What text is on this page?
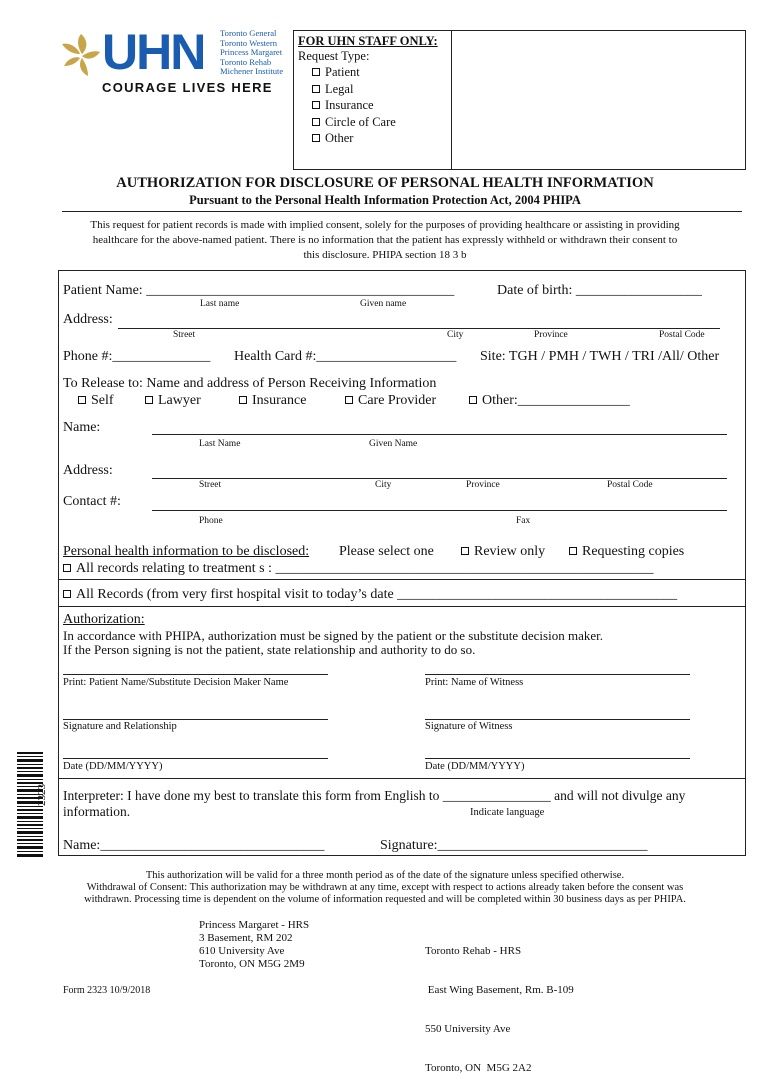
UHN Toronto General
Toronto Western
Princess Margaret
Toronto Rehab
Michener Institute
COURAGE LIVES HERE
FOR UHN STAFF ONLY:
Request Type:
Patient
Legal
Insurance
Circle of Care
Other
AUTHORIZATION FOR DISCLOSURE OF PERSONAL HEALTH INFORMATION
Pursuant to the Personal Health Information Protection Act, 2004 PHIPA
This request for patient records is made with implied consent, solely for the purposes of providing healthcare or assisting in providing
healthcare for the above-named patient. There is no information that the patient has expressly withheld or withdrawn their consent to
this disclosure. PHIPA section 18 3 b
Patient Name: ____________________________________________	Date of birth: __________________
Last name	Given name
Address:
Street	City	Province	Postal Code
Phone #:______________ Health Card #:____________________ Site: TGH / PMH / TWH / TRI /All/ Other
To Release to: Name and address of Person Receiving Information
Self	Lawyer	Insurance	Care Provider	Other:________________
Name:
Last Name	Given Name
Address:
Street	City	Province	Postal Code
Contact #:
Phone	Fax
Personal health information to be disclosed: Please select one	Review only	Requesting copies
All records relating to treatment s : ______________________________________________________
All Records (from very first hospital visit to today’s date ________________________________________
Authorization:
In accordance with PHIPA, authorization must be signed by the patient or the substitute decision maker.
If the Person signing is not the patient, state relationship and authority to do so.
Print: Patient Name/Substitute Decision Maker Name	Print: Name of Witness
Signature and Relationship	Signature of Witness
Date (DD/MM/YYYY)	Date (DD/MM/YYYY)
Interpreter: I have done my best to translate this form from English to ________________ and will not divulge any
information.	Indicate language
Name:________________________________	Signature:______________________________
2323
This authorization will be valid for a three month period as of the date of the signature unless specified otherwise.
Withdrawal of Consent: This authorization may be withdrawn at any time, except with respect to actions already taken before the consent was
withdrawn. Processing time is dependent on the volume of information requested and will be completed within 30 business days as per PHIPA.
Princess Margaret - HRS
3 Basement, RM 202
610 University Ave
Toronto, ON M5G 2M9

Toronto Rehab - HRS

East Wing Basement, Rm. B-109

550 University Ave

Toronto, ON  M5G 2A2

Form 2323 10/9/2018
